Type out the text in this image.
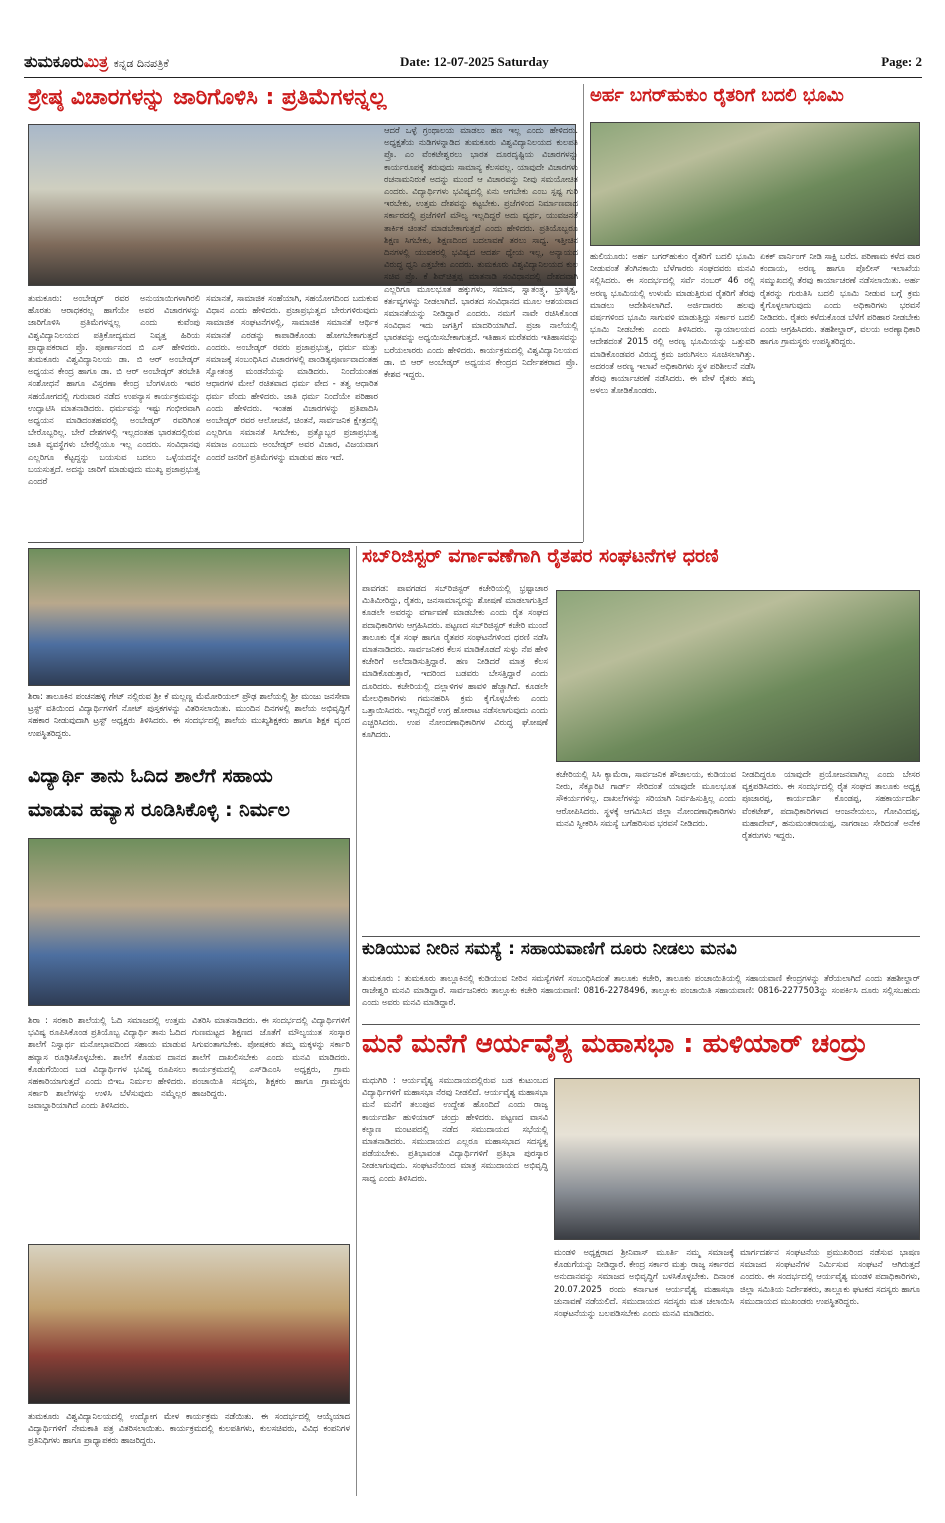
ತುಮಕೂರುಮಿತ್ರ ಕನ್ನಡ ದಿನಪತ್ರಿಕೆ	Date: 12-07-2025 Saturday	Page: 2
ಶ್ರೇಷ್ಠ ವಿಚಾರಗಳನ್ನು ಜಾರಿಗೊಳಿಸಿ : ಪ್ರತಿಮೆಗಳನ್ನಲ್ಲ	ಅರ್ಹ ಬಗರ್‌ಹುಕುಂ ರೈತರಿಗೆ ಬದಲಿ ಭೂಮಿ
ತುಮಕೂರು: ಅಂಬೇಡ್ಕರ್ ರವರ ಅನುಯಾಯಿಗಳಾಗಿರಲಿ ಹೊರತು ಆರಾಧಕರಲ್ಲ ಹಾಗೆಯೇ ಅವರ ವಿಚಾರಗಳನ್ನು ಜಾರಿಗೊಳಿಸಿ ಪ್ರತಿಮೆಗಳನ್ನಲ್ಲ ಎಂದು ಕುವೆಂಪು ವಿಶ್ವವಿದ್ಯಾನಿಲಯದ ಪತ್ರಿಕೋದ್ಯಮದ ನಿವೃತ್ತ ಹಿರಿಯ ಪ್ರಾಧ್ಯಾಪಕರಾದ ಪ್ರೊ. ಪೂರ್ಣಾನಂದ ಬಿ ಎಸ್ ಹೇಳಿದರು. ತುಮಕೂರು ವಿಶ್ವವಿದ್ಯಾನಿಲಯ ಡಾ. ಬಿ ಆರ್ ಅಂಬೇಡ್ಕರ್ ಅಧ್ಯಯನ ಕೇಂದ್ರ ಹಾಗೂ ಡಾ. ಬಿ ಆರ್ ಅಂಬೇಡ್ಕರ್ ತರಬೇತಿ ಸಂಶೋಧನೆ ಹಾಗೂ ವಿಸ್ತರಣಾ ಕೇಂದ್ರ ಬೆಂಗಳೂರು ಇವರ ಸಹಯೋಗದಲ್ಲಿ ಗುರುವಾರ ನಡೆದ ಉಪನ್ಯಾಸ ಕಾರ್ಯಕ್ರಮವನ್ನು ಉದ್ಘಾಟಿಸಿ ಮಾತನಾಡಿದರು. ಧರ್ಮವನ್ನು ಇಷ್ಟು ಗಂಭೀರವಾಗಿ ಅಧ್ಯಯನ ಮಾಡಿದಂತಹವರಲ್ಲಿ ಅಂಬೇಡ್ಕರ್ ರವರಿಗಿಂತ ಬೇರೊಬ್ಬರಿಲ್ಲ. ಬೇರೆ ದೇಶಗಳಲ್ಲಿ ಇಲ್ಲದಂತಹ ಭಾರತದಲ್ಲಿರುವ ಜಾತಿ ವ್ಯವಸ್ಥೆಗಳು ಬೇರೆಲ್ಲಿಯೂ ಇಲ್ಲ ಎಂದರು. ಸಂವಿಧಾನವು ಎಲ್ಲರಿಗೂ ಕೆಟ್ಟದ್ದನ್ನು ಬಯಸುವ ಬದಲು ಒಳ್ಳೆಯದನ್ನೇ ಬಯಸುತ್ತದೆ. ಅದನ್ನು ಜಾರಿಗೆ ಮಾಡುವುದು ಮುಖ್ಯ ಪ್ರಜಾಪ್ರಭುತ್ವ ಎಂದರೆ
ಸಮಾನತೆ, ಸಾಮಾಜಿಕ ಸಂಹೆಯಾಗಿ, ಸಹಯೋಗದಿಂದ ಬದುಕುವ ವಿಧಾನ ಎಂದು ಹೇಳಿದರು. ಪ್ರಜಾಪ್ರಭುತ್ವದ ಬೇರುಗಳಿರುವುದು ಸಾಮಾಜಿಕ ಸಂಘಟನೆಗಳಲ್ಲಿ, ಸಾಮಾಜಿಕ ಸಮಾನತೆ ಆರ್ಥಿಕ ಸಮಾನತೆ ಎರಡನ್ನು ಕಾಪಾಡಿಕೊಂಡು ಹೋಗಬೇಕಾಗುತ್ತದೆ ಎಂದರು. ಅಂಬೇಡ್ಕರ್ ರವರು ಪ್ರಜಾಪ್ರಭುತ್ವ, ಧರ್ಮ ಮತ್ತು ಸಮಾಜಕ್ಕೆ ಸಂಬಂಧಿಸಿದ ವಿಚಾರಗಳಲ್ಲಿ ಪಾಂಡಿತ್ಯಪೂರ್ಣವಾದಂತಹ ಸ್ವೋತಂತ್ರ ಮಂಡನೆಯನ್ನು ಮಾಡಿದರು. ನಿಂದೆಯಂತಹ ಆಧಾರಗಳ ಮೇಲೆ ರಚಿತವಾದ ಧರ್ಮ ವೇದ - ತತ್ವ ಆಧಾರಿತ ಧರ್ಮ ವೆಂದು ಹೇಳಿದರು. ಜಾತಿ ಧರ್ಮ ನಿಂದೆಯೇ ಪರಿಹಾರ ಎಂದು ಹೇಳಿದರು. ಇಂತಹ ವಿಚಾರಗಳನ್ನು ಪ್ರತಿಪಾದಿಸಿ ಅಂಬೇಡ್ಕರ್ ರವರ ಆಲೋಚನೆ, ಚಿಂತನೆ, ಸಾರ್ವಜನಿಕ ಕ್ಷೇತ್ರದಲ್ಲಿ ಎಲ್ಲರಿಗೂ ಸಮಾನತೆ ಸಿಗಬೇಕು, ಪ್ರತ್ಯೊಬ್ಬರ ಪ್ರಜಾಪ್ರಭುತ್ವ ಸಮಾಜ ಎಂಬುದು ಅಂಬೇಡ್ಕರ್ ಅವರ ವಿಚಾರ, ವಿಜಯವಾಗ ಎಂದರೆ ಜನರಿಗೆ ಪ್ರತಿಮೆಗಳನ್ನು ಮಾಡುವ ಹಣ ಇದೆ.
ಆದರೆ ಒಳ್ಳೆ ಗ್ರಂಥಾಲಯ ಮಾಡಲು ಹಣ ಇಲ್ಲ ಎಂದು ಹೇಳಿದರು. ಅಧ್ಯಕ್ಷತೆಯ ನುಡಿಗಳನ್ನಾಡಿದ ತುಮಕೂರು ವಿಶ್ವವಿದ್ಯಾನಿಲಯದ ಕುಲಪತಿ ಪ್ರೊ. ಎಂ ವೆಂಕಟೇಶ್ವರಲು ಭಾರತ ದೂರದೃಷ್ಟಿಯ ವಿಚಾರಗಳನ್ನು ಕಾರ್ಯರೂಪಕ್ಕೆ ತರುವುದು ಸಾಮಾನ್ಯ ಕೆಲಸವಲ್ಲ. ಯಾವುದೇ ವಿಚಾರಗಳು ರಚನಾಮನಿರುಕೆ ಅದನ್ನು ಮುಂದೆ ಆ ವಿಚಾರವನ್ನು ನೀವು ಸಮಯೋಚಿತ ಎಂದರು. ವಿದ್ಯಾರ್ಥಿಗಳು ಭವಿಷ್ಯದಲ್ಲಿ ಏನು ಆಗಬೇಕು ಎಂಬ ಸ್ಪಷ್ಟ ಗುರಿ ಇರಬೇಕು, ಉತ್ತಮ ದೇಶವನ್ನು ಕಟ್ಟಬೇಕು. ಪ್ರಜೆಗಳಿಂದ ನಿರ್ಮಾಣವಾದ ಸರ್ಕಾರದಲ್ಲಿ ಪ್ರಜೆಗಳಿಗೆ ಮೌಲ್ಯ ಇಲ್ಲದಿದ್ದರೆ ಅದು ವ್ಯರ್ಥ, ಯುವಜನತೆ ತಾರ್ಕಿಕ ಚಿಂತನೆ ಮಾಡಬೇಕಾಗುತ್ತದೆ ಎಂದು ಹೇಳಿದರು. ಪ್ರತಿಯೊಬ್ಬರೂ ಶಿಕ್ಷಣ ಸಿಗಬೇಕು, ಶಿಕ್ಷಣದಿಂದ ಬದಲಾವಣೆ ತರಲು ಸಾಧ್ಯ. ಇತ್ತೀಚಿನ ದಿನಗಳಲ್ಲಿ ಯುವಕರಲ್ಲಿ ಭವಿಷ್ಯದ ಆದರ್ಶ ಧ್ಯೇಯ ಇಲ್ಲ, ಅನ್ಯಾಯದ ವಿರುದ್ಧ ಧ್ವನಿ ಎತ್ತಬೇಕು ಎಂದರು. ತುಮಕೂರು ವಿಶ್ವವಿದ್ಯಾನಿಲಯದ ಕುಲ ಸಚಿವ ಪ್ರೊ. ಕೆ ಶಿವ್‌ಚಿತ್ತಪ್ಪ ಮಾತನಾಡಿ ಸಂವಿಧಾನದಲ್ಲಿ ದೇಶದವಾಗಿ ಎಲ್ಲರಿಗೂ ಮೂಲಭೂತ ಹಕ್ಕುಗಳು, ಸಮಾನ, ಸ್ವಾತಂತ್ರ್ಯ, ಭ್ರಾತೃತ್ವ, ಕರ್ತವ್ಯಗಳನ್ನು ನೀಡಲಾಗಿದೆ. ಭಾರತದ ಸಂವಿಧಾನದ ಮೂಲ ಆಶಯವಾದ ಸಮಾನತೆಯನ್ನು ನೀಡಿದ್ದಾರೆ ಎಂದರು. ನಮಗೆ ನಾವೇ ರಚಿಸಿಕೊಂಡ ಸಂವಿಧಾನ ಇದು ಜಗತ್ತಿಗೆ ಮಾದರಿಯಾಗಿದೆ. ಪ್ರಜಾ ನಾಲೆಯಲ್ಲಿ ಭಾರತವನ್ನು ಅಧ್ಯಯಿಸಬೇಕಾಗುತ್ತದೆ. ಇತಿಹಾಸ ಮರೆತವರು ಇತಿಹಾಸವನ್ನು ಬರೆಯಲಾರರು ಎಂದು ಹೇಳಿದರು. ಕಾರ್ಯಕ್ರಮದಲ್ಲಿ ವಿಶ್ವವಿದ್ಯಾನಿಲಯದ ಡಾ. ಬಿ ಆರ್ ಅಂಬೇಡ್ಕರ್ ಅಧ್ಯಯನ ಕೇಂದ್ರದ ನಿರ್ದೇಶಕರಾದ ಪ್ರೊ. ಕೇಶವ ಇದ್ದರು.
ಹುಲಿಯೂರು: ಅರ್ಹ ಬಗರ್‌ಹುಕುಂ ರೈತರಿಗೆ ಬದಲಿ ಭೂಮಿ ನೀಡುವಂತೆ ತೆಂಗಿನಕಾಯಿ ಬೆಳೆಗಾರರು ಸಂಘದವರು ಮನವಿ ಸಲ್ಲಿಸಿದರು. ಈ ಸಂದರ್ಭದಲ್ಲಿ ಸರ್ವೆ ನಂಬರ್ 46 ರಲ್ಲಿ ಅರಣ್ಯ ಭೂಮಿಯಲ್ಲಿ ಉಳುಮೆ ಮಾಡುತ್ತಿರುವ ರೈತರಿಗೆ ತೆರವು ಮಾಡಲು ಆದೇಶಿಸಲಾಗಿದೆ. ಅರ್ಜಿದಾರರು ಹಲವು ವರ್ಷಗಳಿಂದ ಭೂಮಿ ಸಾಗುವಳಿ ಮಾಡುತ್ತಿದ್ದು ಸರ್ಕಾರ ಬದಲಿ ಭೂಮಿ ನೀಡಬೇಕು ಎಂದು ತಿಳಿಸಿದರು. ನ್ಯಾಯಾಲಯದ ಆದೇಶದಂತೆ 2015 ರಲ್ಲಿ ಅರಣ್ಯ ಭೂಮಿಯನ್ನು ಒತ್ತುವರಿ ಮಾಡಿಕೊಂಡವರ ವಿರುದ್ಧ ಕ್ರಮ ಜರುಗಿಸಲು ಸೂಚಿಸಲಾಗಿತ್ತು. ಅದರಂತೆ ಅರಣ್ಯ ಇಲಾಖೆ ಅಧಿಕಾರಿಗಳು ಸ್ಥಳ ಪರಿಶೀಲನೆ ನಡೆಸಿ ತೆರವು ಕಾರ್ಯಾಚರಣೆ ನಡೆಸಿದರು. ಈ ವೇಳೆ ರೈತರು ತಮ್ಮ ಅಳಲು ತೋಡಿಕೊಂಡರು.
ಏಕಕ್ ವಾರ್ನಿಂಗ್ ನೀಡಿ ಸಾಕ್ಷಿ ಬರೆದ. ಪರಿಣಾಮ ಕಳೆದ ವಾರ ಕಂದಾಯ, ಅರಣ್ಯ ಹಾಗೂ ಪೊಲೀಸ್ ಇಲಾಖೆಯ ಸಮ್ಮುಖದಲ್ಲಿ ತೆರವು ಕಾರ್ಯಾಚರಣೆ ನಡೆಸಲಾಯಿತು. ಅರ್ಹ ರೈತರನ್ನು ಗುರುತಿಸಿ ಬದಲಿ ಭೂಮಿ ನೀಡುವ ಬಗ್ಗೆ ಕ್ರಮ ಕೈಗೊಳ್ಳಲಾಗುವುದು ಎಂದು ಅಧಿಕಾರಿಗಳು ಭರವಸೆ ನೀಡಿದರು. ರೈತರು ಕಳೆದುಕೊಂಡ ಬೆಳೆಗೆ ಪರಿಹಾರ ನೀಡಬೇಕು ಎಂದು ಆಗ್ರಹಿಸಿದರು. ತಹಶೀಲ್ದಾರ್, ವಲಯ ಅರಣ್ಯಾಧಿಕಾರಿ ಹಾಗೂ ಗ್ರಾಮಸ್ಥರು ಉಪಸ್ಥಿತರಿದ್ದರು.
ಶಿರಾ: ತಾಲೂಕಿನ ಪಂಚನಹಳ್ಳಿ ಗೇಟ್ ನಲ್ಲಿರುವ ಶ್ರೀ ಕೆ ಮಲ್ಲಣ್ಣ ಮೆಮೋರಿಯಲ್ ಪ್ರೌಢ ಶಾಲೆಯಲ್ಲಿ ಶ್ರೀ ಮಂಜು ಜನಸೇವಾ ಟ್ರಸ್ಟ್ ವತಿಯಿಂದ ವಿದ್ಯಾರ್ಥಿಗಳಿಗೆ ನೋಟ್ ಪುಸ್ತಕಗಳನ್ನು ವಿತರಿಸಲಾಯಿತು. ಮುಂದಿನ ದಿನಗಳಲ್ಲಿ ಶಾಲೆಯ ಅಭಿವೃದ್ಧಿಗೆ ಸಹಕಾರ ನೀಡುವುದಾಗಿ ಟ್ರಸ್ಟ್ ಅಧ್ಯಕ್ಷರು ತಿಳಿಸಿದರು. ಈ ಸಂದರ್ಭದಲ್ಲಿ ಶಾಲೆಯ ಮುಖ್ಯಶಿಕ್ಷಕರು ಹಾಗೂ ಶಿಕ್ಷಕ ವೃಂದ ಉಪಸ್ಥಿತರಿದ್ದರು.
ವಿದ್ಯಾರ್ಥಿ ತಾನು ಓದಿದ ಶಾಲೆಗೆ ಸಹಾಯ
ಮಾಡುವ ಹವ್ಯಾಸ ರೂಡಿಸಿಕೊಳ್ಳಿ : ನಿರ್ಮಲ
ಶಿರಾ : ಸರಕಾರಿ ಶಾಲೆಯಲ್ಲಿ ಓದಿ ಸಮಾಜದಲ್ಲಿ ಉತ್ತಮ ಭವಿಷ್ಯ ರೂಪಿಸಿಕೊಂಡ ಪ್ರತಿಯೊಬ್ಬ ವಿದ್ಯಾರ್ಥಿ ತಾನು ಓದಿದ ಶಾಲೆಗೆ ನಿಸ್ವಾರ್ಥ ಮನೋಭಾವದಿಂದ ಸಹಾಯ ಮಾಡುವ ಹವ್ಯಾಸ ರೂಢಿಸಿಕೊಳ್ಳಬೇಕು. ಶಾಲೆಗೆ ಕೊಡುವ ದಾನದ ಕೊಡುಗೆಯಿಂದ ಬಡ ವಿದ್ಯಾರ್ಥಿಗಳ ಭವಿಷ್ಯ ರೂಪಿಸಲು ಸಹಕಾರಿಯಾಗುತ್ತದೆ ಎಂದು ಬಿಇಒ ನಿರ್ಮಲ ಹೇಳಿದರು. ಸರ್ಕಾರಿ ಶಾಲೆಗಳನ್ನು ಉಳಿಸಿ ಬೆಳೆಸುವುದು ನಮ್ಮೆಲ್ಲರ ಜವಾಬ್ದಾರಿಯಾಗಿದೆ ಎಂದು ತಿಳಿಸಿದರು.
ವಿತರಿಸಿ ಮಾತನಾಡಿದರು. ಈ ಸಂದರ್ಭದಲ್ಲಿ ವಿದ್ಯಾರ್ಥಿಗಳಿಗೆ ಗುಣಮಟ್ಟದ ಶಿಕ್ಷಣದ ಜೊತೆಗೆ ಮೌಲ್ಯಯುತ ಸಂಸ್ಕಾರ ಸಿಗುವಂತಾಗಬೇಕು. ಪೋಷಕರು ತಮ್ಮ ಮಕ್ಕಳನ್ನು ಸರ್ಕಾರಿ ಶಾಲೆಗೆ ದಾಖಲಿಸಬೇಕು ಎಂದು ಮನವಿ ಮಾಡಿದರು. ಕಾರ್ಯಕ್ರಮದಲ್ಲಿ ಎಸ್‌ಡಿಎಂಸಿ ಅಧ್ಯಕ್ಷರು, ಗ್ರಾಮ ಪಂಚಾಯಿತಿ ಸದಸ್ಯರು, ಶಿಕ್ಷಕರು ಹಾಗೂ ಗ್ರಾಮಸ್ಥರು ಹಾಜರಿದ್ದರು.
ಸಬ್‌ರಿಜಿಸ್ಟರ್ ವರ್ಗಾವಣೆಗಾಗಿ ರೈತಪರ ಸಂಘಟನೆಗಳ ಧರಣಿ
ಪಾವಗಡ: ಪಾವಗಡದ ಸಬ್‌ರಿಜಿಸ್ಟರ್ ಕಚೇರಿಯಲ್ಲಿ ಭ್ರಷ್ಟಾಚಾರ ಮಿತಿಮೀರಿದ್ದು, ರೈತರು, ಜನಸಾಮಾನ್ಯರನ್ನು ಶೋಷಣೆ ಮಾಡಲಾಗುತ್ತಿದೆ ಕೂಡಲೇ ಅವರನ್ನು ವರ್ಗಾವಣೆ ಮಾಡಬೇಕು ಎಂದು ರೈತ ಸಂಘದ ಪದಾಧಿಕಾರಿಗಳು ಆಗ್ರಹಿಸಿದರು. ಪಟ್ಟಣದ ಸಬ್‌ರಿಜಿಸ್ಟರ್ ಕಚೇರಿ ಮುಂದೆ ತಾಲೂಕು ರೈತ ಸಂಘ ಹಾಗೂ ರೈತಪರ ಸಂಘಟನೆಗಳಿಂದ ಧರಣಿ ನಡೆಸಿ ಮಾತನಾಡಿದರು. ಸಾರ್ವಜನಿಕರ ಕೆಲಸ ಮಾಡಿಕೊಡದೆ ಸುಳ್ಳು ನೆಪ ಹೇಳಿ ಕಚೇರಿಗೆ ಅಲೆದಾಡಿಸುತ್ತಿದ್ದಾರೆ. ಹಣ ನೀಡಿದರೆ ಮಾತ್ರ ಕೆಲಸ ಮಾಡಿಕೊಡುತ್ತಾರೆ, ಇದರಿಂದ ಬಡವರು ಬೇಸತ್ತಿದ್ದಾರೆ ಎಂದು ದೂರಿದರು. ಕಚೇರಿಯಲ್ಲಿ ದಲ್ಲಾಳಿಗಳ ಹಾವಳಿ ಹೆಚ್ಚಾಗಿದೆ. ಕೂಡಲೇ ಮೇಲಧಿಕಾರಿಗಳು ಗಮನಹರಿಸಿ ಕ್ರಮ ಕೈಗೊಳ್ಳಬೇಕು ಎಂದು ಒತ್ತಾಯಿಸಿದರು. ಇಲ್ಲದಿದ್ದರೆ ಉಗ್ರ ಹೋರಾಟ ನಡೆಸಲಾಗುವುದು ಎಂದು ಎಚ್ಚರಿಸಿದರು. ಉಪ ನೋಂದಣಾಧಿಕಾರಿಗಳ ವಿರುದ್ಧ ಘೋಷಣೆ ಕೂಗಿದರು.
ಕಚೇರಿಯಲ್ಲಿ ಸಿಸಿ ಕ್ಯಾಮೆರಾ, ಸಾರ್ವಜನಿಕ ಶೌಚಾಲಯ, ಕುಡಿಯುವ ನೀರು, ಸೆಕ್ಯೂರಿಟಿ ಗಾರ್ಡ್ ಸೇರಿದಂತೆ ಯಾವುದೇ ಮೂಲಭೂತ ಸೌಕರ್ಯಗಳಿಲ್ಲ. ದಾಖಲೆಗಳನ್ನು ಸರಿಯಾಗಿ ನಿರ್ವಹಿಸುತ್ತಿಲ್ಲ ಎಂದು ಆರೋಪಿಸಿದರು. ಸ್ಥಳಕ್ಕೆ ಆಗಮಿಸಿದ ಜಿಲ್ಲಾ ನೋಂದಣಾಧಿಕಾರಿಗಳು ಮನವಿ ಸ್ವೀಕರಿಸಿ ಸಮಸ್ಯೆ ಬಗೆಹರಿಸುವ ಭರವಸೆ ನೀಡಿದರು.
ನೀಡದಿದ್ದರೂ ಯಾವುದೇ ಪ್ರಯೋಜನವಾಗಿಲ್ಲ ಎಂದು ಬೇಸರ ವ್ಯಕ್ತಪಡಿಸಿದರು. ಈ ಸಂದರ್ಭದಲ್ಲಿ ರೈತ ಸಂಘದ ತಾಲೂಕು ಅಧ್ಯಕ್ಷ ಪೂಜಾರಪ್ಪ, ಕಾರ್ಯದರ್ಶಿ ಕೊಂಡಪ್ಪ, ಸಹಕಾರ್ಯದರ್ಶಿ ವೆಂಕಟೇಶ್, ಪದಾಧಿಕಾರಿಗಳಾದ ಆಂಜನೇಯಲು, ಗೋವಿಂದಪ್ಪ, ಮಹಾದೇವ್, ಹನುಮಂತರಾಯಪ್ಪ, ನಾಗರಾಜು ಸೇರಿದಂತೆ ಅನೇಕ ರೈತರುಗಳು ಇದ್ದರು.
ಕುಡಿಯುವ ನೀರಿನ ಸಮಸ್ಯೆ : ಸಹಾಯವಾಣಿಗೆ ದೂರು ನೀಡಲು ಮನವಿ
ತುಮಕೂರು : ತುಮಕೂರು ತಾಲ್ಲೂಕಿನಲ್ಲಿ ಕುಡಿಯುವ ನೀರಿನ ಸಮಸ್ಯೆಗಳಿಗೆ ಸಂಬಂಧಿಸಿದಂತೆ ತಾಲೂಕು ಕಚೇರಿ, ತಾಲೂಕು ಪಂಚಾಯಿತಿಯಲ್ಲಿ ಸಹಾಯವಾಣಿ ಕೇಂದ್ರಗಳನ್ನು ತೆರೆಯಲಾಗಿದೆ ಎಂದು ತಹಶೀಲ್ದಾರ್ ರಾಜೇಶ್ವರಿ ಮನವಿ ಮಾಡಿದ್ದಾರೆ. ಸಾರ್ವಜನಿಕರು ತಾಲ್ಲೂಕು ಕಚೇರಿ ಸಹಾಯವಾಣಿ: 0816-2278496, ತಾಲ್ಲೂಕು ಪಂಚಾಯಿತಿ ಸಹಾಯವಾಣಿ: 0816-2277503ನ್ನು ಸಂಪರ್ಕಿಸಿ ದೂರು ಸಲ್ಲಿಸಬಹುದು ಎಂದು ಅವರು ಮನವಿ ಮಾಡಿದ್ದಾರೆ.
ಮನೆ ಮನೆಗೆ ಆರ್ಯವೈಶ್ಯ ಮಹಾಸಭಾ : ಹುಳಿಯಾರ್ ಚಂದ್ರು
ಮಧುಗಿರಿ : ಆರ್ಯವೈಶ್ಯ ಸಮುದಾಯದಲ್ಲಿರುವ ಬಡ ಕುಟುಂಬದ ವಿದ್ಯಾರ್ಥಿಗಳಿಗೆ ಮಹಾಸಭಾ ನೆರವು ನೀಡಲಿದೆ. ಆರ್ಯವೈಶ್ಯ ಮಹಾಸಭಾ ಮನೆ ಮನೆಗೆ ತಲುಪುವ ಉದ್ದೇಶ ಹೊಂದಿದೆ ಎಂದು ರಾಜ್ಯ ಕಾರ್ಯದರ್ಶಿ ಹುಳಿಯಾರ್ ಚಂದ್ರು ಹೇಳಿದರು. ಪಟ್ಟಣದ ವಾಸವಿ ಕಲ್ಯಾಣ ಮಂಟಪದಲ್ಲಿ ನಡೆದ ಸಮುದಾಯದ ಸಭೆಯಲ್ಲಿ ಮಾತನಾಡಿದರು. ಸಮುದಾಯದ ಎಲ್ಲರೂ ಮಹಾಸಭಾದ ಸದಸ್ಯತ್ವ ಪಡೆಯಬೇಕು. ಪ್ರತಿಭಾವಂತ ವಿದ್ಯಾರ್ಥಿಗಳಿಗೆ ಪ್ರತಿಭಾ ಪುರಸ್ಕಾರ ನೀಡಲಾಗುವುದು. ಸಂಘಟನೆಯಿಂದ ಮಾತ್ರ ಸಮುದಾಯದ ಅಭಿವೃದ್ಧಿ ಸಾಧ್ಯ ಎಂದು ತಿಳಿಸಿದರು.
ಮಂಡಳಿ ಅಧ್ಯಕ್ಷರಾದ ಶ್ರೀನಿವಾಸ್ ಮೂರ್ತಿ ನಮ್ಮ ಸಮಾಜಕ್ಕೆ ಕೊಡುಗೆಯನ್ನು ನೀಡಿದ್ದಾರೆ. ಕೇಂದ್ರ ಸರ್ಕಾರ ಮತ್ತು ರಾಜ್ಯ ಸರ್ಕಾರದ ಅನುದಾನವನ್ನು ಸಮಾಜದ ಅಭಿವೃದ್ಧಿಗೆ ಬಳಸಿಕೊಳ್ಳಬೇಕು. ದಿನಾಂಕ 20.07.2025 ರಂದು ಕರ್ನಾಟಕ ಆರ್ಯವೈಶ್ಯ ಮಹಾಸಭಾ ಚುನಾವಣೆ ನಡೆಯಲಿದೆ. ಸಮುದಾಯದ ಸದಸ್ಯರು ಮತ ಚಲಾಯಿಸಿ ಸಂಘಟನೆಯನ್ನು ಬಲಪಡಿಸಬೇಕು ಎಂದು ಮನವಿ ಮಾಡಿದರು.
ಮಾರ್ಗದರ್ಶನ ಸಂಘಟನೆಯ ಪ್ರಮುಖರಿಂದ ನಡೆಸುವ ಭಾಷಣ ಸಮಾಜದ ಸಂಘಟನೆಗಳ ನಿರ್ಮಿಸುವ ಸಂಘಟನೆ ಆಗಿರುತ್ತದೆ ಎಂದರು. ಈ ಸಂದರ್ಭದಲ್ಲಿ ಆರ್ಯವೈಶ್ಯ ಮಂಡಳಿ ಪದಾಧಿಕಾರಿಗಳು, ಜಿಲ್ಲಾ ಸಮಿತಿಯ ನಿರ್ದೇಶಕರು, ತಾಲ್ಲೂಕು ಘಟಕದ ಸದಸ್ಯರು ಹಾಗೂ ಸಮುದಾಯದ ಮುಖಂಡರು ಉಪಸ್ಥಿತರಿದ್ದರು.
ತುಮಕೂರು ವಿಶ್ವವಿದ್ಯಾನಿಲಯದಲ್ಲಿ ಉದ್ಯೋಗ ಮೇಳ ಕಾರ್ಯಕ್ರಮ ನಡೆಯಿತು. ಈ ಸಂದರ್ಭದಲ್ಲಿ ಆಯ್ಕೆಯಾದ ವಿದ್ಯಾರ್ಥಿಗಳಿಗೆ ನೇಮಕಾತಿ ಪತ್ರ ವಿತರಿಸಲಾಯಿತು. ಕಾರ್ಯಕ್ರಮದಲ್ಲಿ ಕುಲಪತಿಗಳು, ಕುಲಸಚಿವರು, ವಿವಿಧ ಕಂಪನಿಗಳ ಪ್ರತಿನಿಧಿಗಳು ಹಾಗೂ ಪ್ರಾಧ್ಯಾಪಕರು ಹಾಜರಿದ್ದರು.
